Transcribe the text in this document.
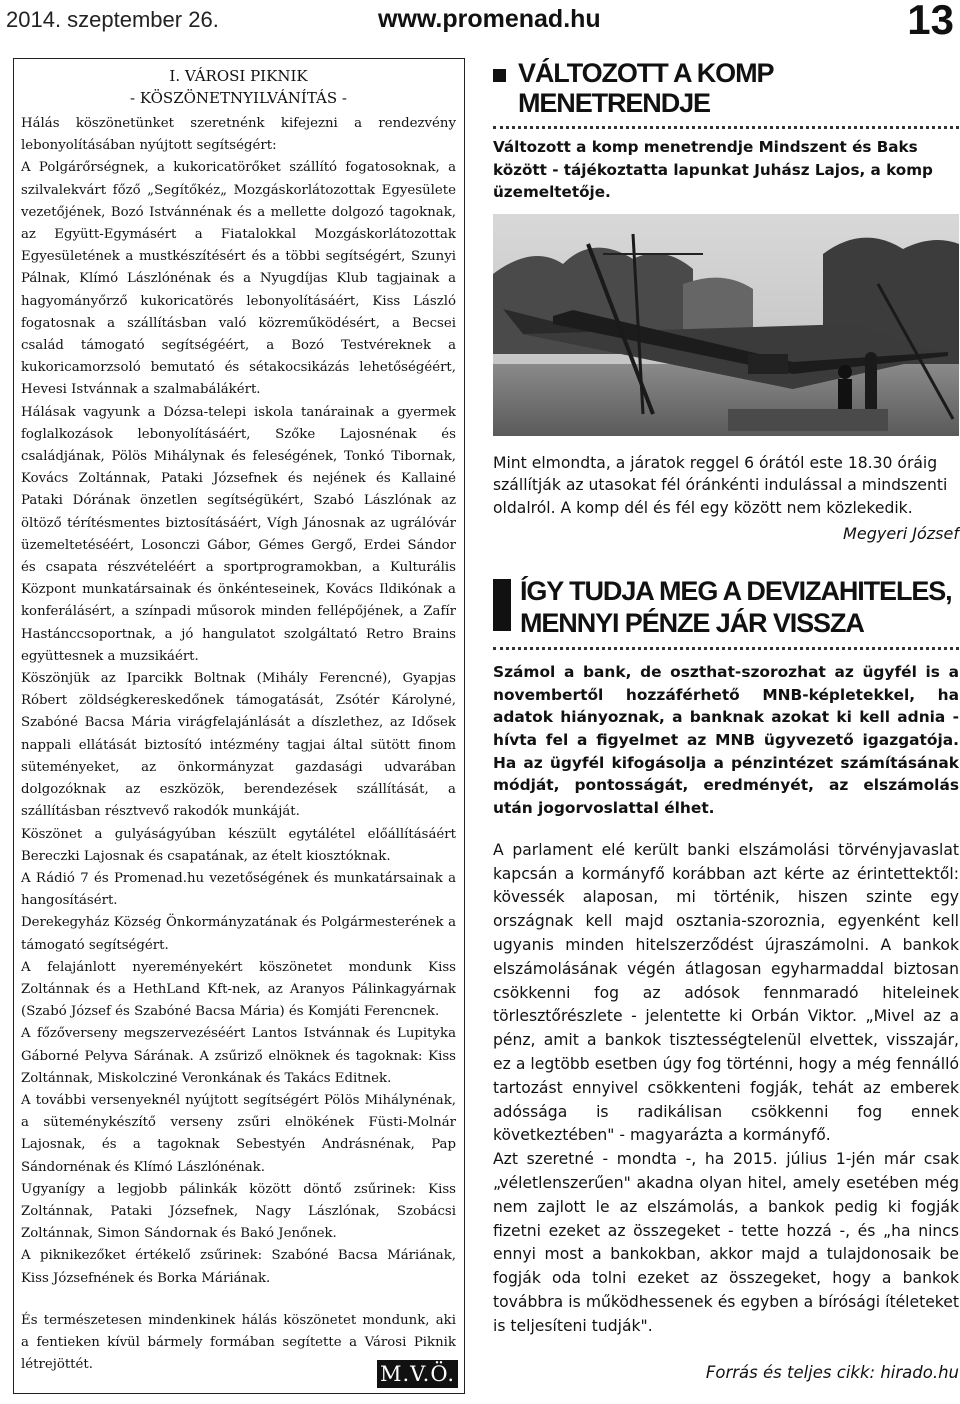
2014. szeptember 26.	www.promenad.hu	13
I. VÁROSI PIKNIK
- KÖSZÖNETNYILVÁNÍTÁS -

Hálás köszönetünket szeretnénk kifejezni a rendezvény lebonyolításában nyújtott segítségért:

A Polgárőrségnek, a kukoricatörőket szállító fogatosoknak, a szilvalekvárt főző „Segítőkéz„ Mozgáskorlátozottak Egyesülete vezetőjének, Bozó Istvánnénak és a mellette dolgozó tagoknak, az Együtt-Egymásért a Fiatalokkal Mozgáskorlátozottak Egyesületének a mustkészítésért és a többi segítségért, Szunyi Pálnak, Klímó Lászlónénak és a Nyugdíjas Klub tagjainak a hagyományőrző kukoricatörés lebonyolításáért, Kiss László fogatosnak a szállításban való közreműködésért, a Becsei család támogató segítségéért, a Bozó Testvéreknek a kukoricamorzsoló bemutató és sétakocsikázás lehetőségéért, Hevesi Istvánnak a szalmabálákért.

Hálásak vagyunk a Dózsa-telepi iskola tanárainak a gyermek foglalkozások lebonyolításáért, Szőke Lajosnénak és családjának, Pölös Mihálynak és feleségének, Tonkó Tibornak, Kovács Zoltánnak, Pataki Józsefnek és nejének és Kallainé Pataki Dórának önzetlen segítségükért, Szabó Lászlónak az öltöző térítésmentes biztosításáért, Vígh Jánosnak az ugrálóvár üzemeltetéséért, Losonczi Gábor, Gémes Gergő, Erdei Sándor és csapata részvételéért a sportprogramokban, a Kulturális Központ munkatársainak és önkénteseinek, Kovács Ildikónak a konferálásért, a színpadi műsorok minden fellépőjének, a Zafír Hastánccsoportnak, a jó hangulatot szolgáltató Retro Brains együttesnek a muzsikáért.

Köszönjük az Iparcikk Boltnak (Mihály Ferencné), Gyapjas Róbert zöldségkereskedőnek támogatását, Zsótér Károlyné, Szabóné Bacsa Mária virágfelajánlását a díszlethez, az Idősek nappali ellátását biztosító intézmény tagjai által sütött finom süteményeket, az önkormányzat gazdasági udvarában dolgozóknak az eszközök, berendezések szállítását, a szállításban résztvevő rakodók munkáját.

Köszönet a gulyáságyúban készült egytálétel előállításáért Bereczki Lajosnak és csapatának, az ételt kiosztóknak.

A Rádió 7 és Promenad.hu vezetőségének és munkatársainak a hangosításért.

Derekegyház Község Önkormányzatának és Polgármesterének a támogató segítségért.

A felajánlott nyereményekért köszönetet mondunk Kiss Zoltánnak és a HethLand Kft-nek, az Aranyos Pálinkagyárnak (Szabó József és Szabóné Bacsa Mária) és Komjáti Ferencnek.

A főzőverseny megszervezéséért Lantos Istvánnak és Lupityka Gáborné Pelyva Sárának. A zsűriző elnöknek és tagoknak: Kiss Zoltánnak, Miskolcziné Veronkának és Takács Editnek.

A további versenyeknél nyújtott segítségért Pölös Mihálynénak, a süteménykészítő verseny zsűri elnökének Füsti-Molnár Lajosnak, és a tagoknak Sebestyén Andrásnénak, Pap Sándornénak és Klímó Lászlónénak.

Ugyanígy a legjobb pálinkák között döntő zsűrinek: Kiss Zoltánnak, Pataki Józsefnek, Nagy Lászlónak, Szobácsi Zoltánnak, Simon Sándornak és Bakó Jenőnek.

A piknikezőket értékelő zsűrinek: Szabóné Bacsa Máriának, Kiss Józsefnének és Borka Máriának.

És természetesen mindenkinek hálás köszönetet mondunk, aki a fentieken kívül bármely formában segítette a Városi Piknik létrejöttét.	M.V.Ö.
VÁLTOZOTT A KOMP MENETRENDJE
Változott a komp menetrendje Mindszent és Baks között - tájékoztatta lapunkat Juhász Lajos, a komp üzemeltetője.
Mint elmondta, a járatok reggel 6 órától este 18.30 óráig szállítják az utasokat fél óránkénti indulással a mindszenti oldalról. A komp dél és fél egy között nem közlekedik.
Megyeri József
ÍGY TUDJA MEG A DEVIZAHITELES,
MENNYI PÉNZE JÁR VISSZA
Számol a bank, de oszthat-szorozhat az ügyfél is a novembertől hozzáférhető MNB-képletekkel, ha adatok hiányoznak, a banknak azokat ki kell adnia - hívta fel a figyelmet az MNB ügyvezető igazgatója. Ha az ügyfél kifogásolja a pénzintézet számításának módját, pontosságát, eredményét, az elszámolás után jogorvoslattal élhet.

A parlament elé került banki elszámolási törvényjavaslat kapcsán a kormányfő korábban azt kérte az érintettektől: kövessék alaposan, mi történik, hiszen szinte egy országnak kell majd osztania-szoroznia, egyenként kell ugyanis minden hitelszerződést újraszámolni. A bankok elszámolásának végén átlagosan egyharmaddal biztosan csökkenni fog az adósok fennmaradó hiteleinek törlesztőrészlete - jelentette ki Orbán Viktor. „Mivel az a pénz, amit a bankok tisztességtelenül elvettek, visszajár, ez a legtöbb esetben úgy fog történni, hogy a még fennálló tartozást ennyivel csökkenteni fogják, tehát az emberek adóssága is radikálisan csökkenni fog ennek következtében" - magyarázta a kormányfő.

Azt szeretné - mondta -, ha 2015. július 1-jén már csak „véletlenszerűen" akadna olyan hitel, amely esetében még nem zajlott le az elszámolás, a bankok pedig ki fogják fizetni ezeket az összegeket - tette hozzá -, és „ha nincs ennyi most a bankokban, akkor majd a tulajdonosaik be fogják oda tolni ezeket az összegeket, hogy a bankok továbbra is működhessenek és egyben a bírósági ítéleteket is teljesíteni tudják".

Forrás és teljes cikk: hirado.hu
